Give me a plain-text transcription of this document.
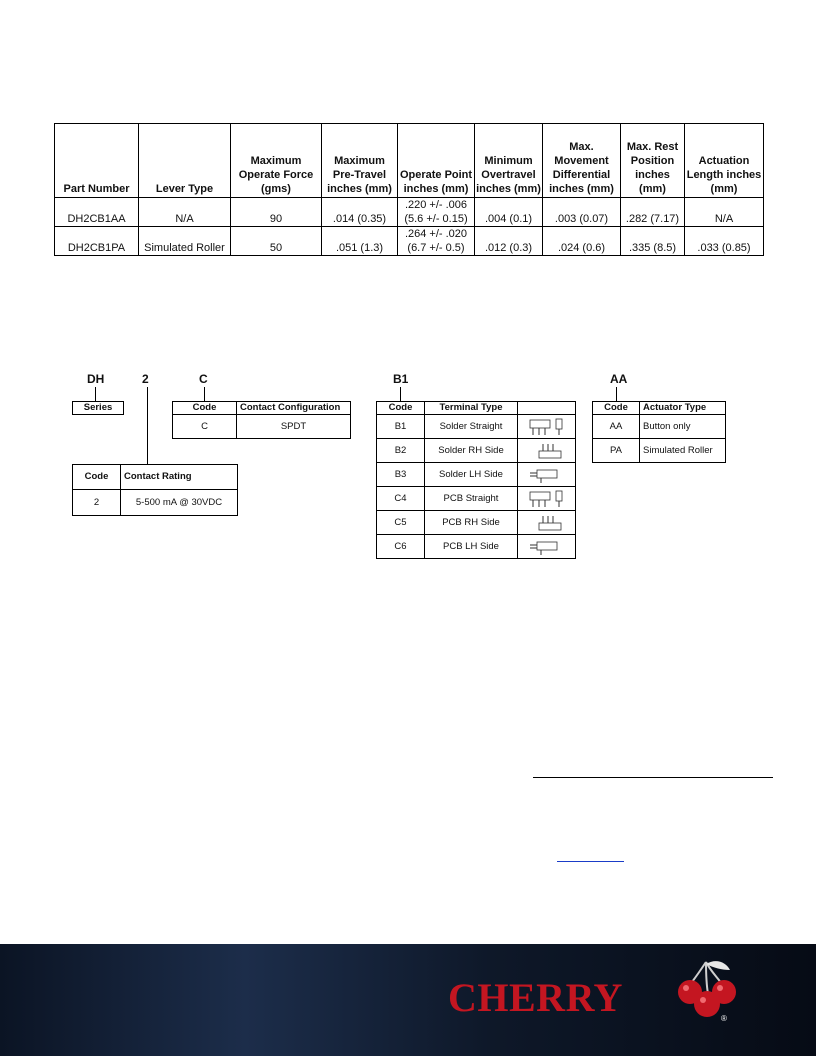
Part Number	Lever Type	Maximum Operate Force (gms)	Maximum Pre-Travel inches (mm)	Operate Point inches (mm)	Minimum Overtravel inches (mm)	Max. Movement Differential inches (mm)	Max. Rest Position inches (mm)	Actuation Length inches (mm)
DH2CB1AA	N/A	90	.014 (0.35)	.220 +/- .006
(5.6 +/- 0.15)	.004 (0.1)	.003 (0.07)	.282 (7.17)	N/A
DH2CB1PA	Simulated Roller	50	.051 (1.3)	.264 +/- .020
(6.7 +/- 0.5)	.012 (0.3)	.024 (0.6)	.335 (8.5)	.033 (0.85)
DH	2	C	B1	AA
Series	Code	Contact Configuration
C	SPDT
Code	Contact Rating
2	5-500 mA @ 30VDC
Code	Terminal Type	
B1	Solder Straight	

B2	Solder RH Side	

B3	Solder LH Side	

C4	PCB Straight	

C5	PCB RH Side	

C6	PCB LH Side	
Code	Actuator Type
AA	Button only
PA	Simulated Roller
CHERRY	®
